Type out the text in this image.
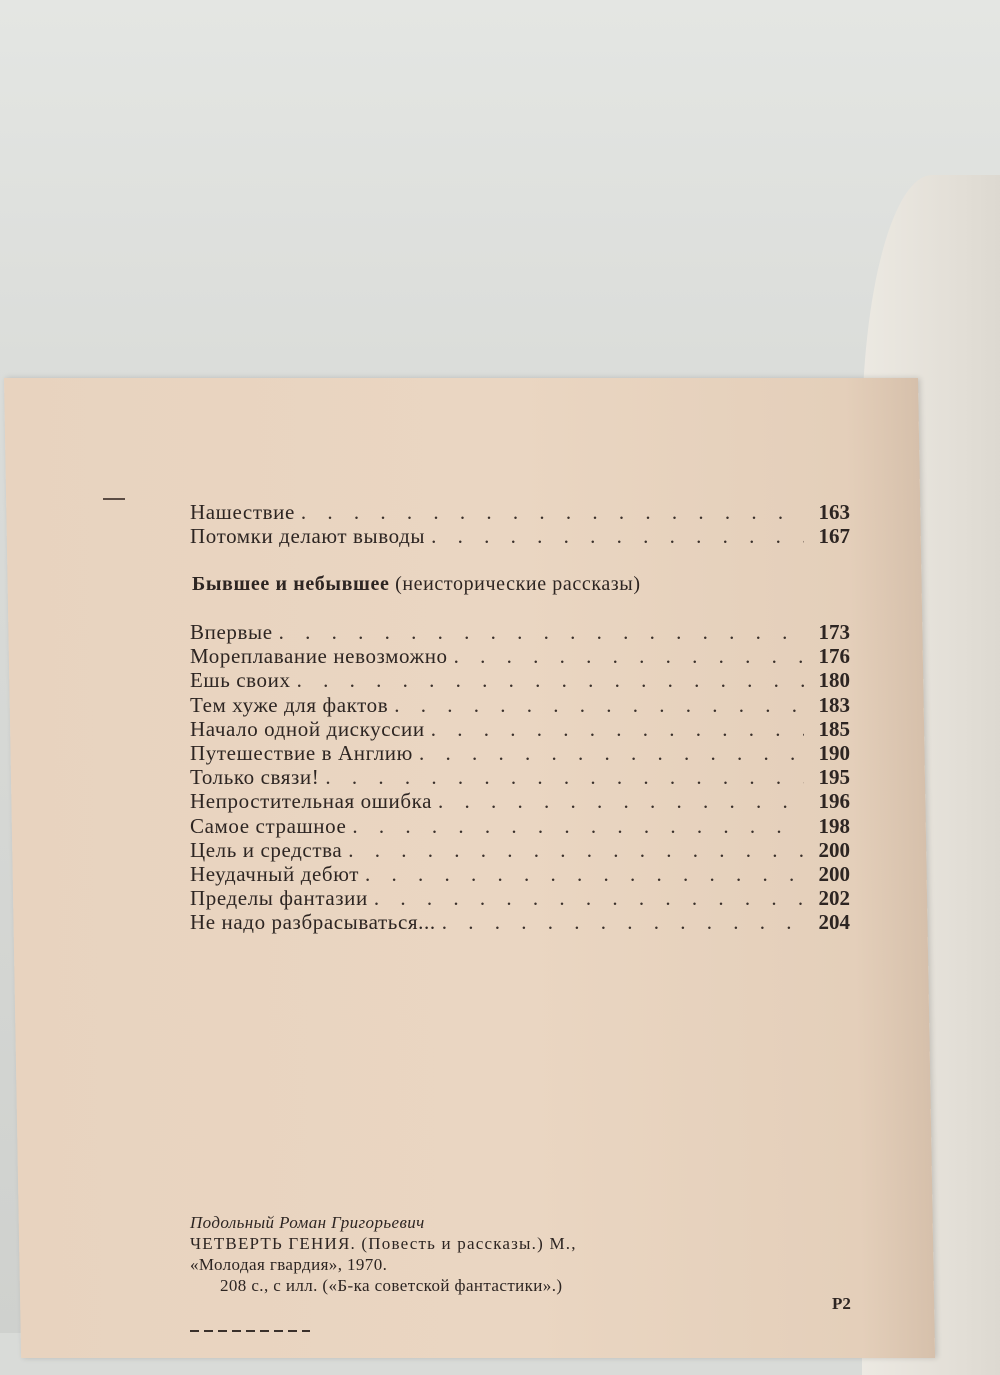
Нашествие . . .	163
Потомки делают выводы . . .	167
Бывшее и небывшее (неисторические рассказы)
Впервые . . .	173
Мореплавание невозможно . . .	176
Ешь своих . . .	180
Тем хуже для фактов . . .	183
Начало одной дискуссии . . .	185
Путешествие в Англию . . .	190
Только связи! . . .	195
Непростительная ошибка . . .	196
Самое страшное . . .	198
Цель и средства . . .	200
Неудачный дебют . . .	200
Пределы фантазии . . .	202
Не надо разбрасываться... . . .	204
Подольный Роман Григорьевич
ЧЕТВЕРТЬ ГЕНИЯ. (Повесть и рассказы.) М.,
«Молодая гвардия», 1970.
208 с., с илл. («Б-ка советской фантастики».)
Р2
